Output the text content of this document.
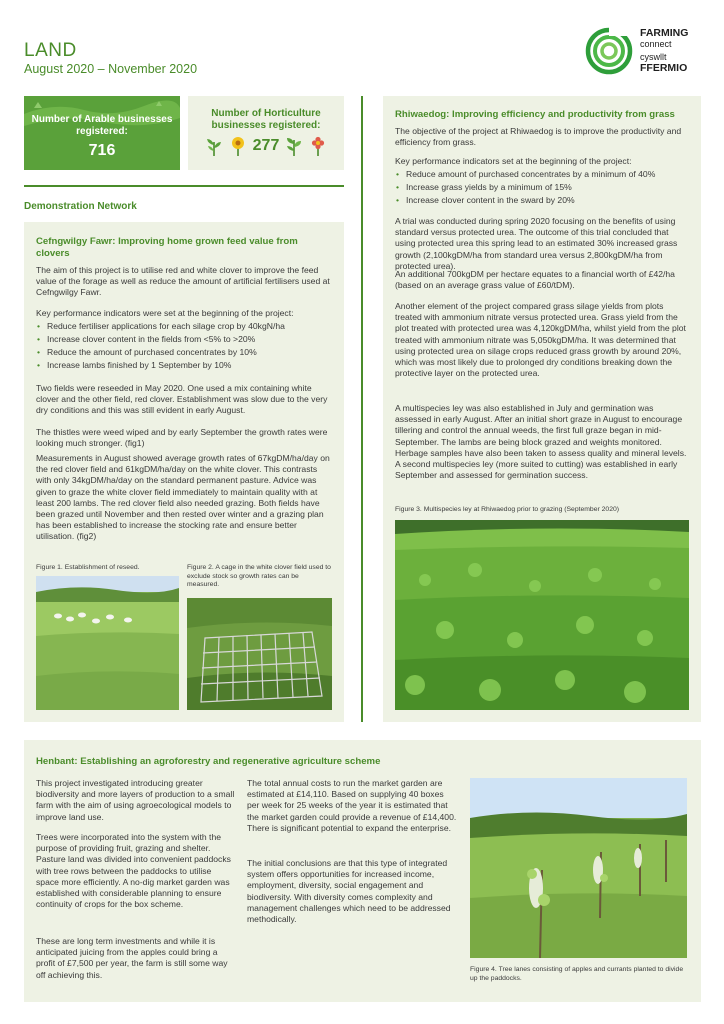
LAND
August 2020 – November 2020
FARMING
connect
cyswllt
FFERMIO
Number of Arable businesses registered:
716
Number of Horticulture businesses registered:
277
Demonstration Network
Cefngwilgy Fawr: Improving home grown feed value from clovers
The aim of this project is to utilise red and white clover to improve the feed value of the forage as well as reduce the amount of artificial fertilisers used at Cefngwilgy Fawr.
Key performance indicators were set at the beginning of the project:
• Reduce fertiliser applications for each silage crop by 40kgN/ha
• Increase clover content in the fields from <5% to >20%
• Reduce the amount of purchased concentrates by 10%
• Increase lambs finished by 1 September by 10%
Two fields were reseeded in May 2020. One used a mix containing white clover and the other field, red clover. Establishment was slow due to the very dry conditions and this was still evident in early August.
The thistles were weed wiped and by early September the growth rates were looking much stronger. (fig1)
Measurements in August showed average growth rates of 67kgDM/ha/day on the red clover field and 61kgDM/ha/day on the white clover. This contrasts with only 34kgDM/ha/day on the standard permanent pasture. Advice was given to graze the white clover field immediately to maintain quality with at least 200 lambs. The red clover field also needed grazing. Both fields have been grazed until November and then rested over winter and a grazing plan has been established to increase the stocking rate and ensure better utilisation. (fig2)
Figure 1. Establishment of reseed.	Figure 2. A cage in the white clover field used to exclude stock so growth rates can be measured.
Rhiwaedog: Improving efficiency and productivity from grass
The objective of the project at Rhiwaedog is to improve the productivity and efficiency from grass.
Key performance indicators set at the beginning of the project:
• Reduce amount of purchased concentrates by a minimum of 40%
• Increase grass yields by a minimum of 15%
• Increase clover content in the sward by 20%
A trial was conducted during spring 2020 focusing on the benefits of using standard versus protected urea. The outcome of this trial concluded that using protected urea this spring lead to an estimated 30% increased grass growth (2,100kgDM/ha from standard urea versus 2,800kgDM/ha from protected urea).
An additional 700kgDM per hectare equates to a financial worth of £42/ha (based on an average grass value of £60/tDM).
Another element of the project compared grass silage yields from plots treated with ammonium nitrate versus protected urea. Grass yield from the plot treated with protected urea was 4,120kgDM/ha, whilst yield from the plot treated with ammonium nitrate was 5,050kgDM/ha. It was determined that using protected urea on silage crops reduced grass growth by around 20%, which was most likely due to prolonged dry conditions breaking down the protective layer on the protected urea.
A multispecies ley was also established in July and germination was assessed in early August. After an initial short graze in August to encourage tillering and control the annual weeds, the first full graze began in mid-September. The lambs are being block grazed and weights monitored. Herbage samples have also been taken to assess quality and mineral levels. A second multispecies ley (more suited to cutting) was established in early September and assessed for germination success.
Figure 3. Multispecies ley at Rhiwaedog prior to grazing (September 2020)
Henbant: Establishing an agroforestry and regenerative agriculture scheme
This project investigated introducing greater biodiversity and more layers of production to a small farm with the aim of using agroecological models to improve land use.
Trees were incorporated into the system with the purpose of providing fruit, grazing and shelter. Pasture land was divided into convenient paddocks with tree rows between the paddocks to utilise space more efficiently. A no-dig market garden was established with considerable planning to ensure continuity of crops for the box scheme.
These are long term investments and while it is anticipated juicing from the apples could bring a profit of £7,500 per year, the farm is still some way off achieving this.
The total annual costs to run the market garden are estimated at £14,110. Based on supplying 40 boxes per week for 25 weeks of the year it is estimated that the market garden could provide a revenue of £14,400. There is significant potential to expand the enterprise.
The initial conclusions are that this type of integrated system offers opportunities for increased income, employment, diversity, social engagement and biodiversity. With diversity comes complexity and management challenges which need to be addressed methodically.
Figure 4. Tree lanes consisting of apples and currants planted to divide up the paddocks.
